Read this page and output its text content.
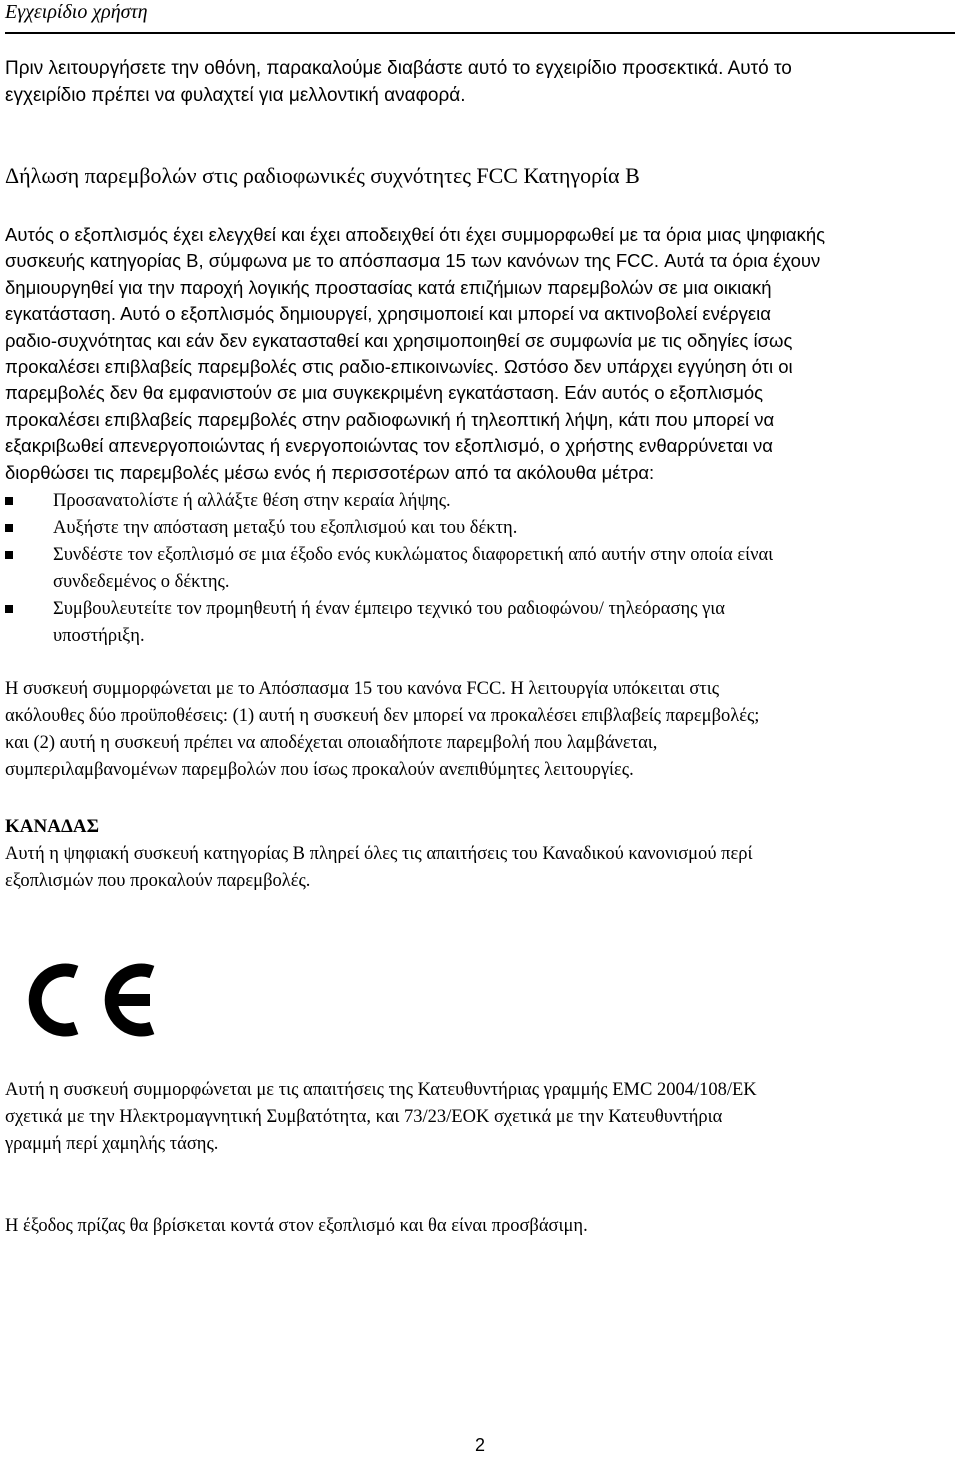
Εγχειρίδιο χρήστη
Πριν λειτουργήσετε την οθόνη, παρακαλούμε διαβάστε αυτό το εγχειρίδιο προσεκτικά. Αυτό το
εγχειρίδιο πρέπει να φυλαχτεί για μελλοντική αναφορά.
Δήλωση παρεμβολών στις ραδιοφωνικές συχνότητες FCC Κατηγορία B
Αυτός ο εξοπλισμός έχει ελεγχθεί και έχει αποδειχθεί ότι έχει συμμορφωθεί με τα όρια μιας ψηφιακής
συσκευής κατηγορίας B, σύμφωνα με το απόσπασμα 15 των κανόνων της FCC. Αυτά τα όρια έχουν
δημιουργηθεί για την παροχή λογικής προστασίας κατά επιζήμιων παρεμβολών σε μια οικιακή
εγκατάσταση. Αυτό ο εξοπλισμός δημιουργεί, χρησιμοποιεί και μπορεί να ακτινοβολεί ενέργεια
ραδιο-συχνότητας και εάν δεν εγκατασταθεί και χρησιμοποιηθεί σε συμφωνία με τις οδηγίες ίσως
προκαλέσει επιβλαβείς παρεμβολές στις ραδιο-επικοινωνίες. Ωστόσο δεν υπάρχει εγγύηση ότι οι
παρεμβολές δεν θα εμφανιστούν σε μια συγκεκριμένη εγκατάσταση. Εάν αυτός ο εξοπλισμός
προκαλέσει επιβλαβείς παρεμβολές στην ραδιοφωνική ή τηλεοπτική λήψη, κάτι που μπορεί να
εξακριβωθεί απενεργοποιώντας ή ενεργοποιώντας τον εξοπλισμό, ο χρήστης ενθαρρύνεται να
διορθώσει τις παρεμβολές μέσω ενός ή περισσοτέρων από τα ακόλουθα μέτρα:
Προσανατολίστε ή αλλάξτε θέση στην κεραία λήψης.
Αυξήστε την απόσταση μεταξύ του εξοπλισμού και του δέκτη.
Συνδέστε τον εξοπλισμό σε μια έξοδο ενός κυκλώματος διαφορετική από αυτήν στην οποία είναι
συνδεδεμένος ο δέκτης.
Συμβουλευτείτε τον προμηθευτή ή έναν έμπειρο τεχνικό του ραδιοφώνου/ τηλεόρασης για
υποστήριξη.
Η συσκευή συμμορφώνεται με το Απόσπασμα 15 του κανόνα FCC. Η λειτουργία υπόκειται στις
ακόλουθες δύο προϋποθέσεις: (1) αυτή η συσκευή δεν μπορεί να προκαλέσει επιβλαβείς παρεμβολές;
και (2) αυτή η συσκευή πρέπει να αποδέχεται οποιαδήποτε παρεμβολή που λαμβάνεται,
συμπεριλαμβανομένων παρεμβολών που ίσως προκαλούν ανεπιθύμητες λειτουργίες.
ΚΑΝΑΔΑΣ
Αυτή η ψηφιακή συσκευή κατηγορίας B πληρεί όλες τις απαιτήσεις του Καναδικού κανονισμού περί
εξοπλισμών που προκαλούν παρεμβολές.
Αυτή η συσκευή συμμορφώνεται με τις απαιτήσεις της Κατευθυντήριας γραμμής EMC 2004/108/EK
σχετικά με την Ηλεκτρομαγνητική Συμβατότητα, και 73/23/EOK σχετικά με την Κατευθυντήρια
γραμμή περί χαμηλής τάσης.
Η έξοδος πρίζας θα βρίσκεται κοντά στον εξοπλισμό και θα είναι προσβάσιμη.
2
